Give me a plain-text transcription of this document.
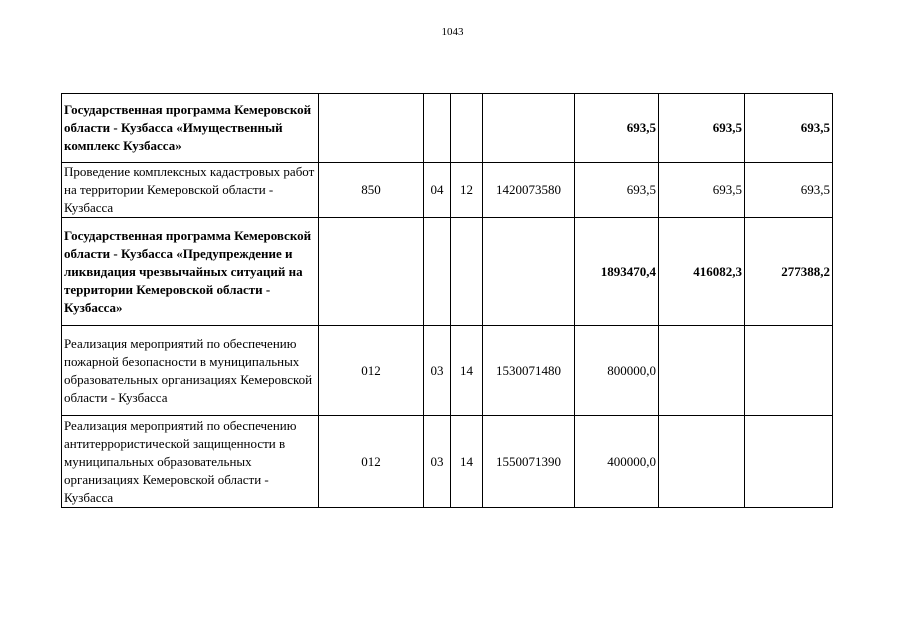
1043
Государственная программа Кемеровской области - Кузбасса «Имущественный комплекс Кузбасса»					693,5	693,5	693,5
Проведение комплексных кадастровых работ на территории Кемеровской области - Кузбасса	850	04	12	1420073580	693,5	693,5	693,5
Государственная программа Кемеровской области - Кузбасса «Предупреждение и ликвидация чрезвычайных ситуаций на территории Кемеровской области - Кузбасса»					1893470,4	416082,3	277388,2
Реализация мероприятий по обеспечению пожарной безопасности в муниципальных образовательных организациях Кемеровской области - Кузбасса	012	03	14	1530071480	800000,0		
Реализация мероприятий по обеспечению антитеррористической защищенности в муниципальных образовательных организациях Кемеровской области - Кузбасса	012	03	14	1550071390	400000,0		
